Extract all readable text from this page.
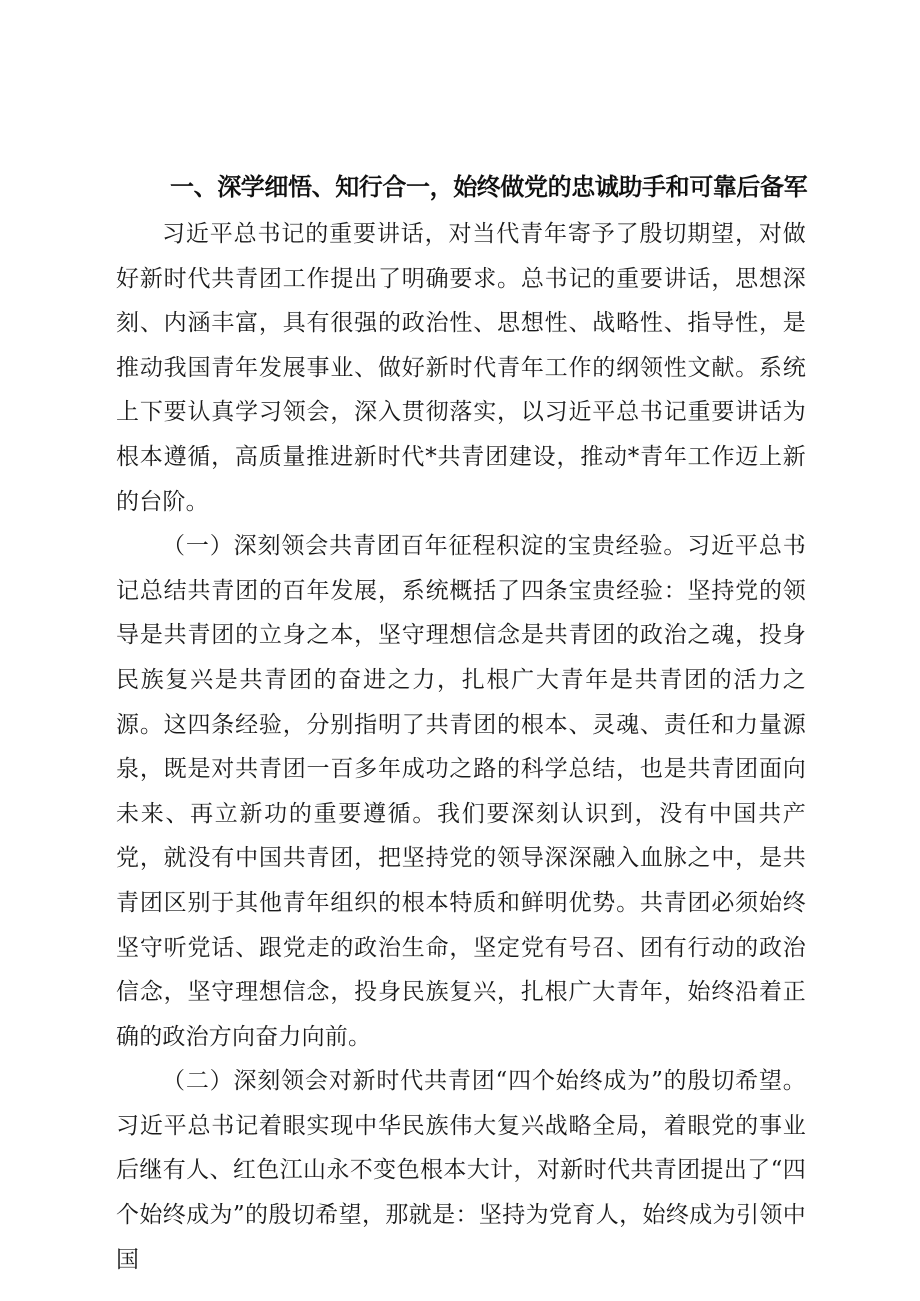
一、深学细悟、知行合一，始终做党的忠诚助手和可靠后备军

习近平总书记的重要讲话，对当代青年寄予了殷切期望，对做好新时代共青团工作提出了明确要求。总书记的重要讲话，思想深刻、内涵丰富，具有很强的政治性、思想性、战略性、指导性，是推动我国青年发展事业、做好新时代青年工作的纲领性文献。系统上下要认真学习领会，深入贯彻落实，以习近平总书记重要讲话为根本遵循，高质量推进新时代*共青团建设，推动*青年工作迈上新的台阶。

（一）深刻领会共青团百年征程积淀的宝贵经验。习近平总书记总结共青团的百年发展，系统概括了四条宝贵经验：坚持党的领导是共青团的立身之本，坚守理想信念是共青团的政治之魂，投身民族复兴是共青团的奋进之力，扎根广大青年是共青团的活力之源。这四条经验，分别指明了共青团的根本、灵魂、责任和力量源泉，既是对共青团一百多年成功之路的科学总结，也是共青团面向未来、再立新功的重要遵循。我们要深刻认识到，没有中国共产党，就没有中国共青团，把坚持党的领导深深融入血脉之中，是共青团区别于其他青年组织的根本特质和鲜明优势。共青团必须始终坚守听党话、跟党走的政治生命，坚定党有号召、团有行动的政治信念，坚守理想信念，投身民族复兴，扎根广大青年，始终沿着正确的政治方向奋力向前。

（二）深刻领会对新时代共青团“四个始终成为”的殷切希望。习近平总书记着眼实现中华民族伟大复兴战略全局，着眼党的事业后继有人、红色江山永不变色根本大计，对新时代共青团提出了“四个始终成为”的殷切希望，那就是：坚持为党育人，始终成为引领中国
